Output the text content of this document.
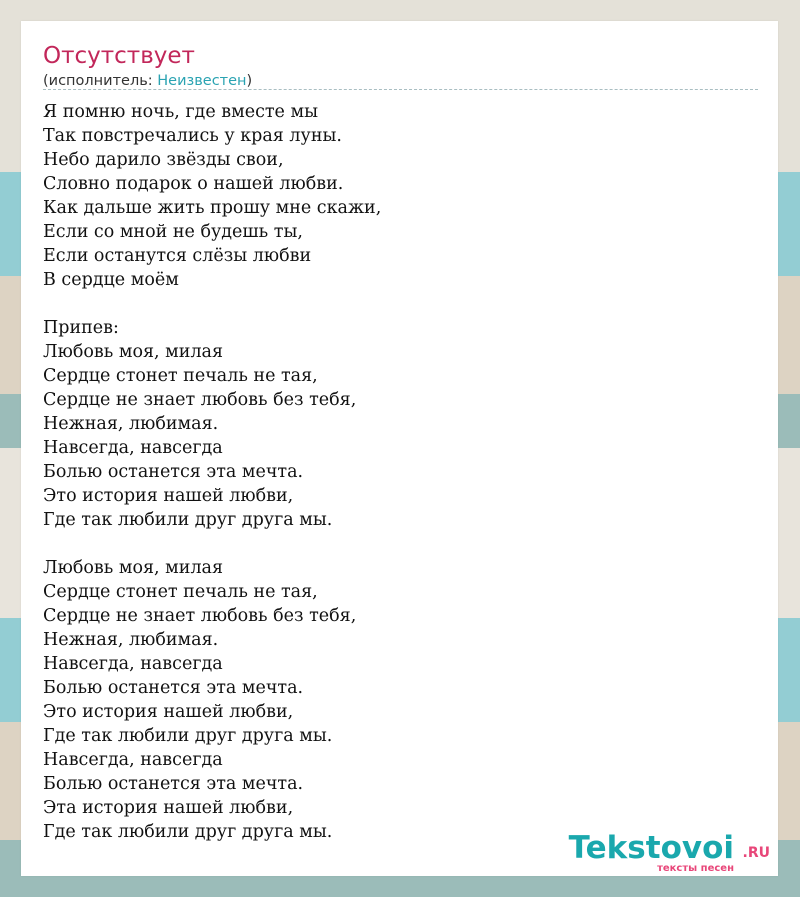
Отсутствует
(исполнитель: Неизвестен)
Я помню ночь, где вместе мы
Так повстречались у края луны.
Небо дарило звёзды свои,
Словно подарок о нашей любви.
Как дальше жить прошу мне скажи,
Если со мной не будешь ты,
Если останутся слёзы любви
В сердце моём
Припев:
Любовь моя, милая
Сердце стонет печаль не тая,
Сердце не знает любовь без тебя,
Нежная, любимая.
Навсегда, навсегда
Болью останется эта мечта.
Это история нашей любви,
Где так любили друг друга мы.
Любовь моя, милая
Сердце стонет печаль не тая,
Сердце не знает любовь без тебя,
Нежная, любимая.
Навсегда, навсегда
Болью останется эта мечта.
Это история нашей любви,
Где так любили друг друга мы.
Навсегда, навсегда
Болью останется эта мечта.
Эта история нашей любви,
Где так любили друг друга мы.	Tekstovoi .RU
тексты песен
